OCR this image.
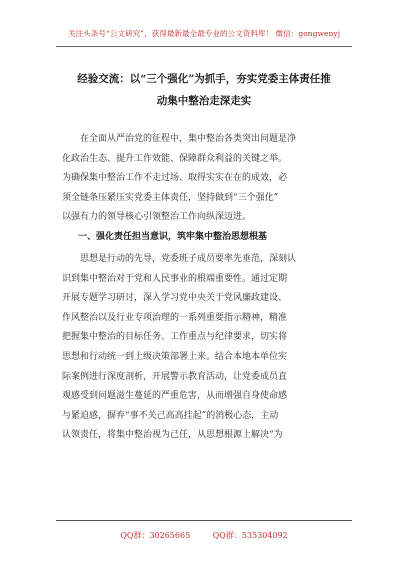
关注头条号“公文研究”，获得最新最全最专业的公文资料库！ 微信：gongwenyj
经验交流：以“三个强化”为抓手，夯实党委主体责任推
动集中整治走深走实
在全面从严治党的征程中，集中整治各类突出问题是净
化政治生态、提升工作效能、保障群众利益的关键之举。
为确保集中整治工作不走过场、取得实实在在的成效，必
须全链条压紧压实党委主体责任，坚持做到“三个强化”
以强有力的领导核心引领整治工作向纵深迈进。
一、强化责任担当意识，筑牢集中整治思想根基
思想是行动的先导，党委班子成员要率先垂范，深刻认
识到集中整治对于党和人民事业的根端重要性。通过定期
开展专题学习研讨，深入学习党中央关于党风廉政建设、
作风整治以及行业专项治理的一系列重要指示精神，精准
把握集中整治的目标任务、工作重点与纪律要求，切实将
思想和行动统一到上级决策部署上来。结合本地本单位实
际案例进行深度剖析，开展警示教育活动，让党委成员直
观感受到问题滋生蔓延的严重危害，从而增强自身使命感
与紧迫感，摒弃“事不关己高高挂起”的消极心态，主动
认领责任，将集中整治视为己任，从思想根源上解决“为
QQ群：30265665	QQ群：535304092
